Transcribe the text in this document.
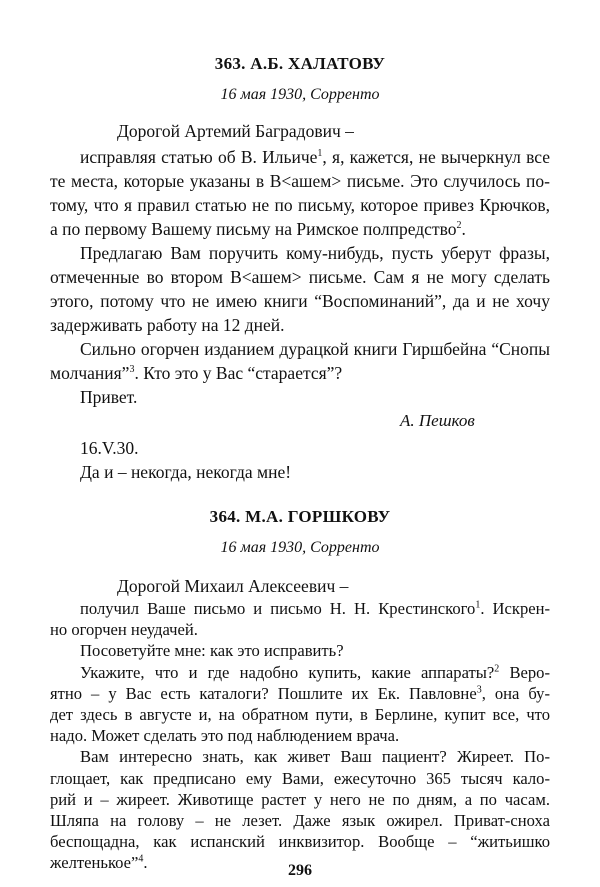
363. А.Б. ХАЛАТОВУ
16 мая 1930, Сорренто
Дорогой Артемий Баградович –
исправляя статью об В. Ильиче$^1$, я, кажется, не вычеркнул все
те места, которые указаны в В<ашем> письме. Это случилось по-
тому, что я правил статью не по письму, которое привез Крючков,
а по первому Вашему письму на Римское полпредство$^2$.
Предлагаю Вам поручить кому-нибудь, пусть уберут фразы,
отмеченные во втором В<ашем> письме. Сам я не могу сделать
этого, потому что не имею книги “Воспоминаний”, да и не хочу
задерживать работу на 12 дней.
Сильно огорчен изданием дурацкой книги Гиршбейна “Снопы
молчания”$^3$. Кто это у Вас “старается”?
Привет.
А. Пешков
16.V.30.
Да и – некогда, некогда мне!
364. М.А. ГОРШКОВУ
16 мая 1930, Сорренто
Дорогой Михаил Алексеевич –
получил Ваше письмо и письмо Н. Н. Крестинского$^1$. Искрен-
но огорчен неудачей.
Посоветуйте мне: как это исправить?
Укажите, что и где надобно купить, какие аппараты?$^2$ Веро-
ятно – у Вас есть каталоги? Пошлите их Ек. Павловне$^3$, она бу-
дет здесь в августе и, на обратном пути, в Берлине, купит все, что
надо. Может сделать это под наблюдением врача.
Вам интересно знать, как живет Ваш пациент? Жиреет. По-
глощает, как предписано ему Вами, ежесуточно 365 тысяч кало-
рий и – жиреет. Животище растет у него не по дням, а по часам.
Шляпа на голову – не лезет. Даже язык ожирел. Приват-сноха
беспощадна, как испанский инквизитор. Вообще – “житьишко
желтенькое”$^4$.	296
